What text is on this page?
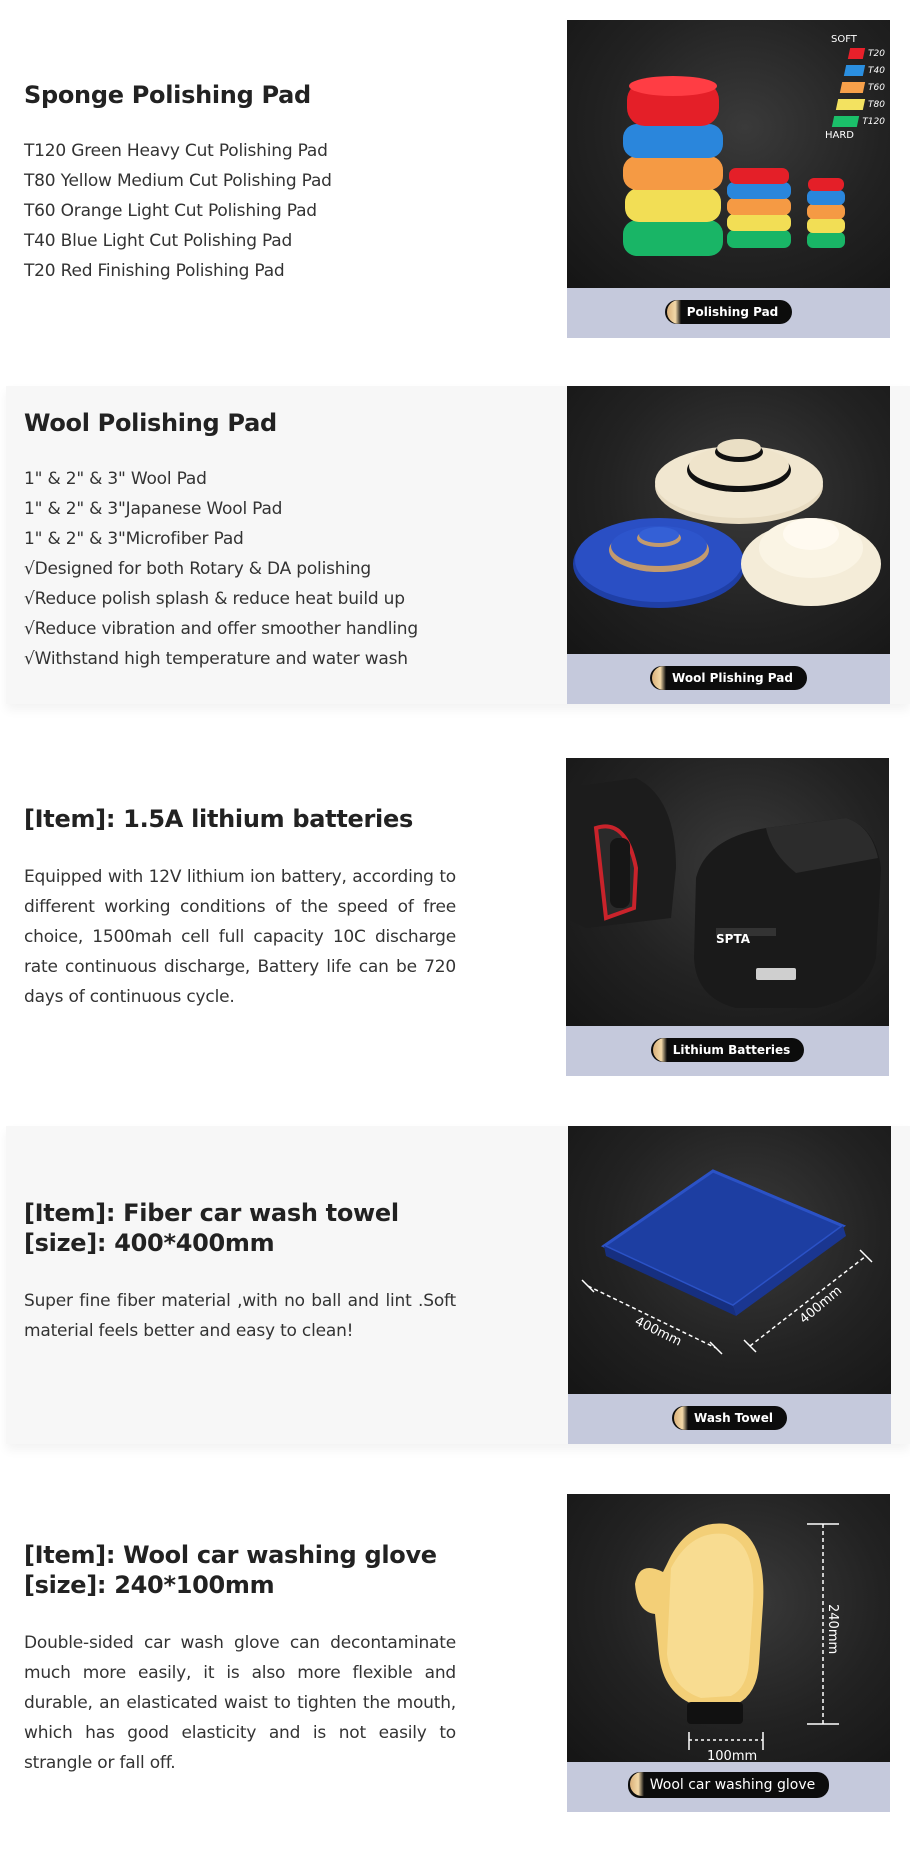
Sponge Polishing Pad
T120 Green Heavy Cut Polishing Pad
T80 Yellow Medium Cut Polishing Pad
T60 Orange Light Cut Polishing Pad
T40 Blue Light Cut Polishing Pad
T20 Red Finishing Polishing Pad
SOFT
T20
T40
T60
T80
T120
HARD
Polishing Pad
Wool Polishing Pad
1" & 2" & 3" Wool Pad
1" & 2" & 3"Japanese Wool Pad
1" & 2" & 3"Microfiber Pad
√Designed for both Rotary & DA polishing
√Reduce polish splash & reduce heat build up
√Reduce vibration and offer smoother handling
√Withstand high temperature and water wash
Wool Plishing Pad
[Item]: 1.5A lithium batteries

Equipped with 12V lithium ion battery, according to different working conditions of the speed of free choice, 1500mah cell full capacity 10C discharge rate continuous discharge, Battery life can be 720 days of continuous cycle.

SPTA
Lithium Batteries
[Item]: Fiber car wash towel
[size]: 400*400mm

Super fine fiber material ,with no ball and lint .Soft material feels better and easy to clean!	400mm
400mm
Wash Towel
[Item]: Wool car washing glove
[size]: 240*100mm

Double-sided car wash glove can decontaminate much more easily, it is also more flexible and durable, an elasticated waist to tighten the mouth, which has good elasticity and is not easily to strangle or fall off.

240mm
100mm
Wool car washing glove
